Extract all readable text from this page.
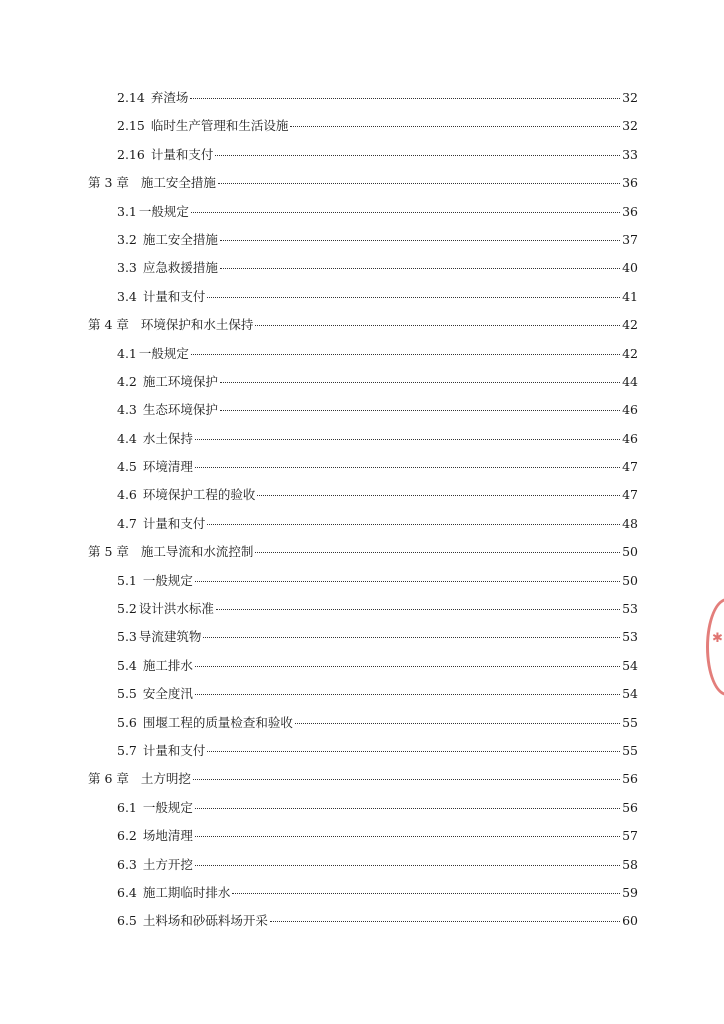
2.14 弃渣场	32
2.15 临时生产管理和生活设施	32
2.16 计量和支付	33
第 3 章 施工安全措施	36
3.1 一般规定	36
3.2 施工安全措施	37
3.3 应急救援措施	40
3.4 计量和支付	41
第 4 章 环境保护和水土保持	42
4.1 一般规定	42
4.2 施工环境保护	44
4.3 生态环境保护	46
4.4 水土保持	46
4.5 环境清理	47
4.6 环境保护工程的验收	47
4.7 计量和支付	48
第 5 章 施工导流和水流控制	50
5.1 一般规定	50
5.2 设计洪水标准	53
5.3 导流建筑物	53
5.4 施工排水	54
5.5 安全度汛	54
5.6 围堰工程的质量检查和验收	55
5.7 计量和支付	55
第 6 章 土方明挖	56
6.1 一般规定	56
6.2 场地清理	57
6.3 土方开挖	58
6.4 施工期临时排水	59
6.5 土料场和砂砾料场开采	60
✱
